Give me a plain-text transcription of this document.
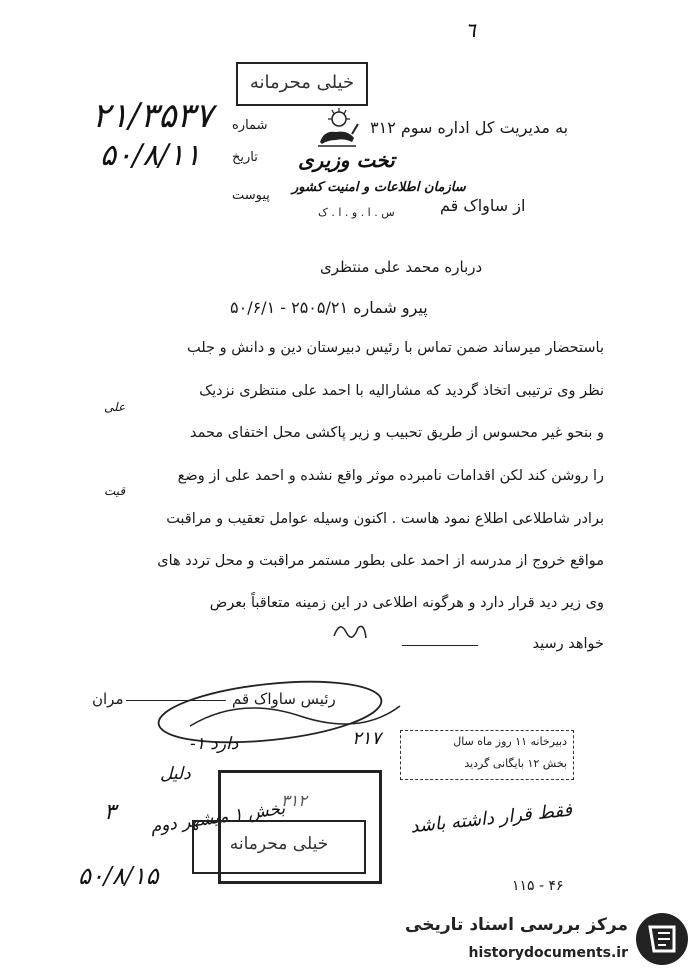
٦
خیلی محرمانه
۲۱/۳۵۳۷
۵۰/۸/۱۱
شماره
تاریخ
پیوست
تخت وزیری
سازمان اطلاعات و امنیت کشور
س . ا . و . ا . ک
به مدیریت کل اداره سوم ۳۱۲
از ساواک قم
درباره محمد علی منتظری
پیرو شماره ۲۵۰۵/۲۱ - ۵۰/۶/۱
باستحضار میرساند ضمن تماس با رئیس دبیرستان دین و دانش و جلب
نظر وی ترتیبی اتخاذ گردید که مشارالیه با احمد علی منتظری نزدیک
علی
و بنحو غیر محسوس از طریق تحبیب و زیر پاکشی محل اختفای محمد
را روشن کند لکن اقدامات نامبرده موثر واقع نشده و احمد علی از وضع
قیت
برادر شاطلاعی اطلاع نمود هاست . اکنون وسیله عوامل تعقیب و مراقبت
مواقع خروج از مدرسه از احمد علی بطور مستمر مراقبت و محل تردد های
وی زیر دید قرار دارد و هرگونه اطلاعی در این زمینه متعاقباً بعرض
خواهد رسید
رئیس ساواک قم
مران
دبیرخانه ۱۱ روز ماه سال
بخش ۱۲ بایگانی گردید
۲۱۷
دارد ۱-
دلیل
بخش ۱ میشهر دوم	فقط قرار داشته باشد
۳۱۲
خیلی محرمانه
۵۰/۸/۱۵
۳
۱۱۵ - ۴۶
مرکز بررسی اسناد تاریخی
historydocuments.ir
